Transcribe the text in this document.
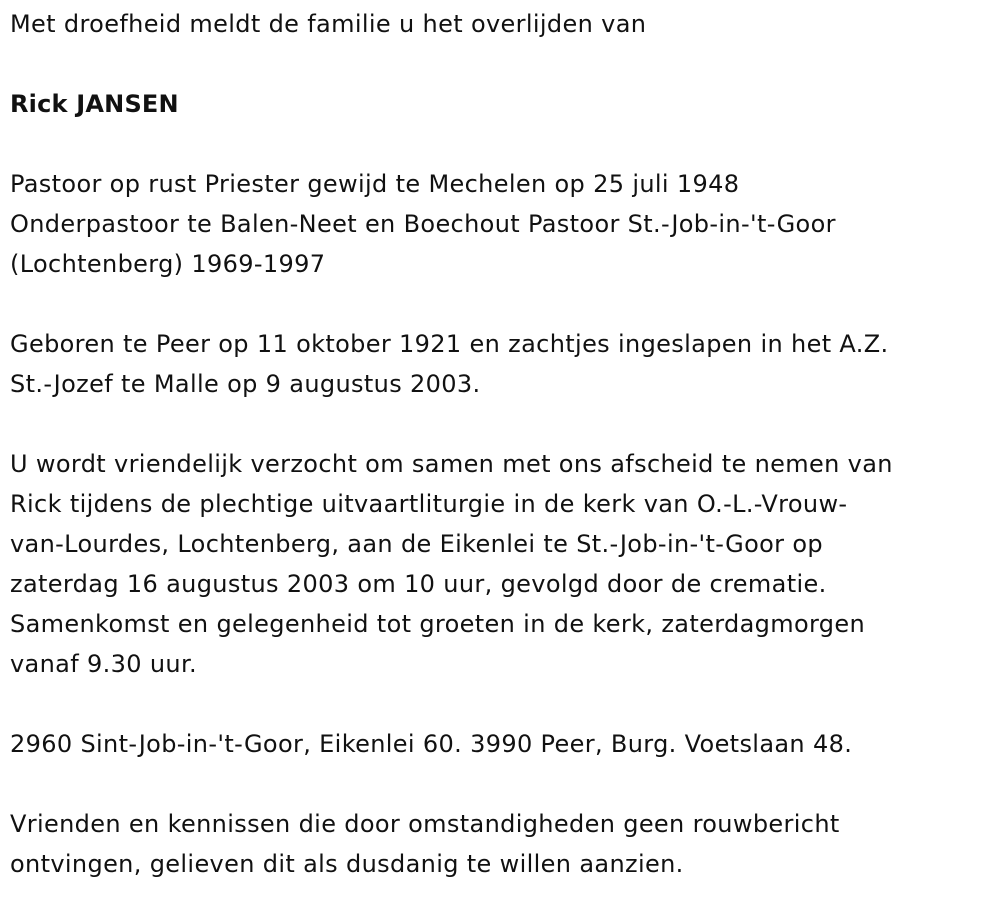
Met droefheid meldt de familie u het overlijden van

Rick JANSEN

Pastoor op rust Priester gewijd te Mechelen op 25 juli 1948
Onderpastoor te Balen-Neet en Boechout Pastoor St.-Job-in-'t-Goor
(Lochtenberg) 1969-1997

Geboren te Peer op 11 oktober 1921 en zachtjes ingeslapen in het A.Z.
St.-Jozef te Malle op 9 augustus 2003.

U wordt vriendelijk verzocht om samen met ons afscheid te nemen van
Rick tijdens de plechtige uitvaartliturgie in de kerk van O.-L.-Vrouw-
van-Lourdes, Lochtenberg, aan de Eikenlei te St.-Job-in-'t-Goor op
zaterdag 16 augustus 2003 om 10 uur, gevolgd door de crematie.
Samenkomst en gelegenheid tot groeten in de kerk, zaterdagmorgen
vanaf 9.30 uur.

2960 Sint-Job-in-'t-Goor, Eikenlei 60. 3990 Peer, Burg. Voetslaan 48.

Vrienden en kennissen die door omstandigheden geen rouwbericht
ontvingen, gelieven dit als dusdanig te willen aanzien.
